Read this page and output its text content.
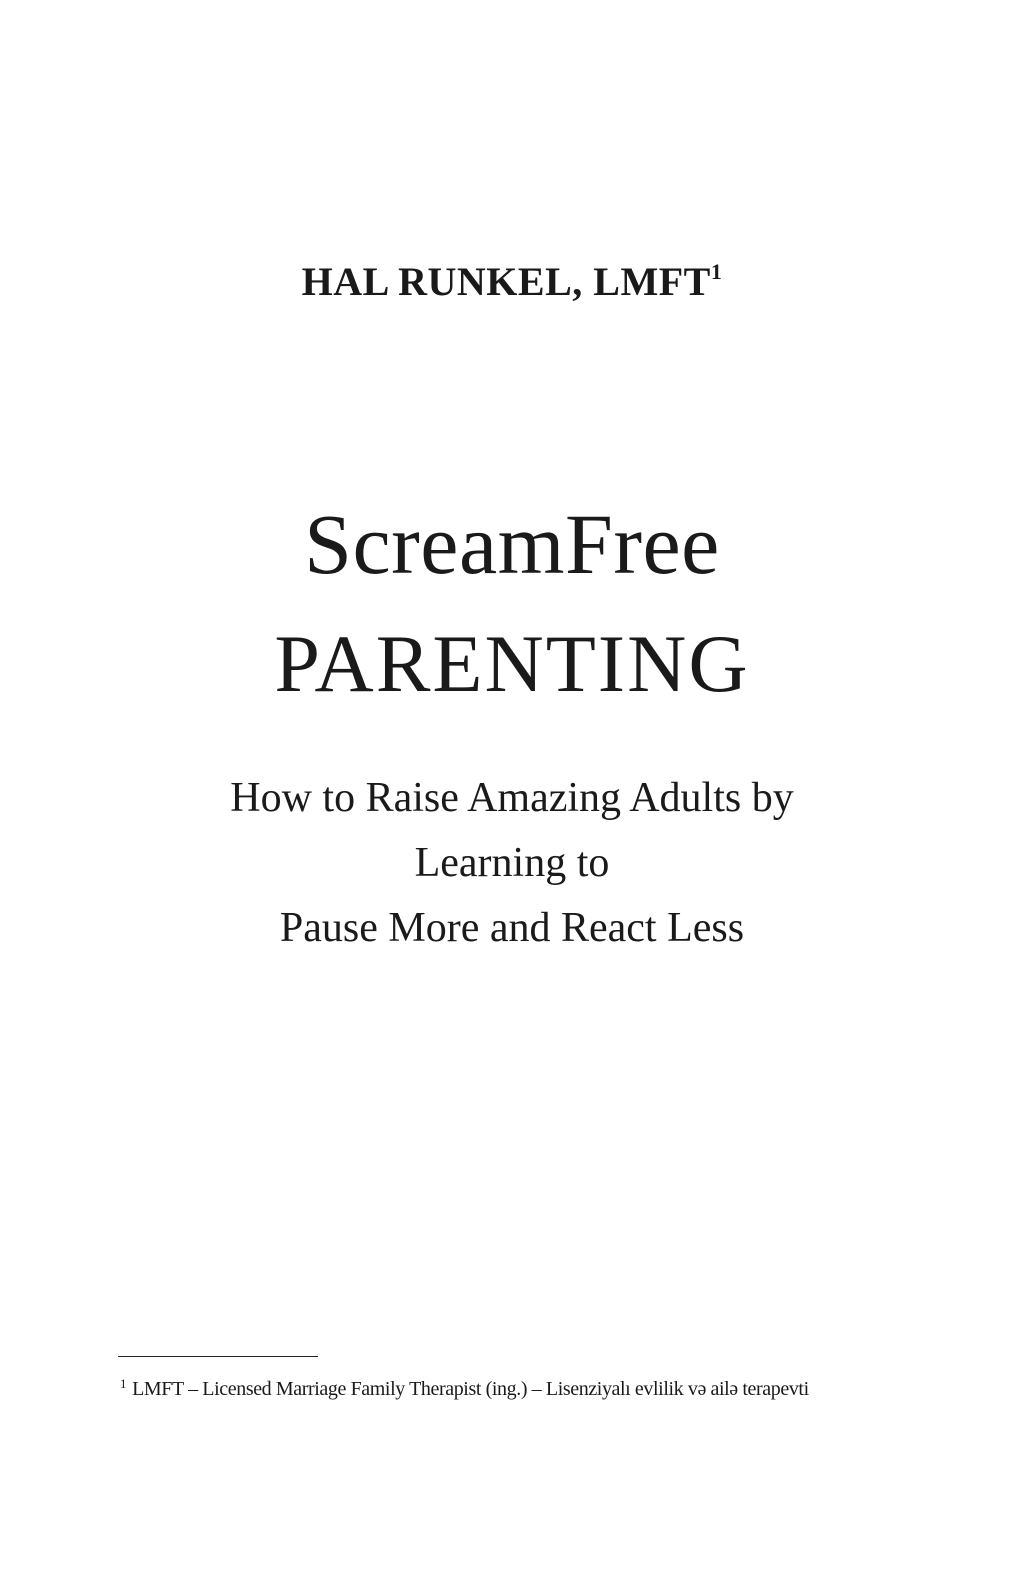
HAL RUNKEL, LMFT$^1$
ScreamFree
PARENTING
How to Raise Amazing Adults by
Learning to
Pause More and React Less
$^1$ LMFT – Licensed Marriage Family Therapist (ing.) – Lisenziyalı evlilik və ailə terapevti
